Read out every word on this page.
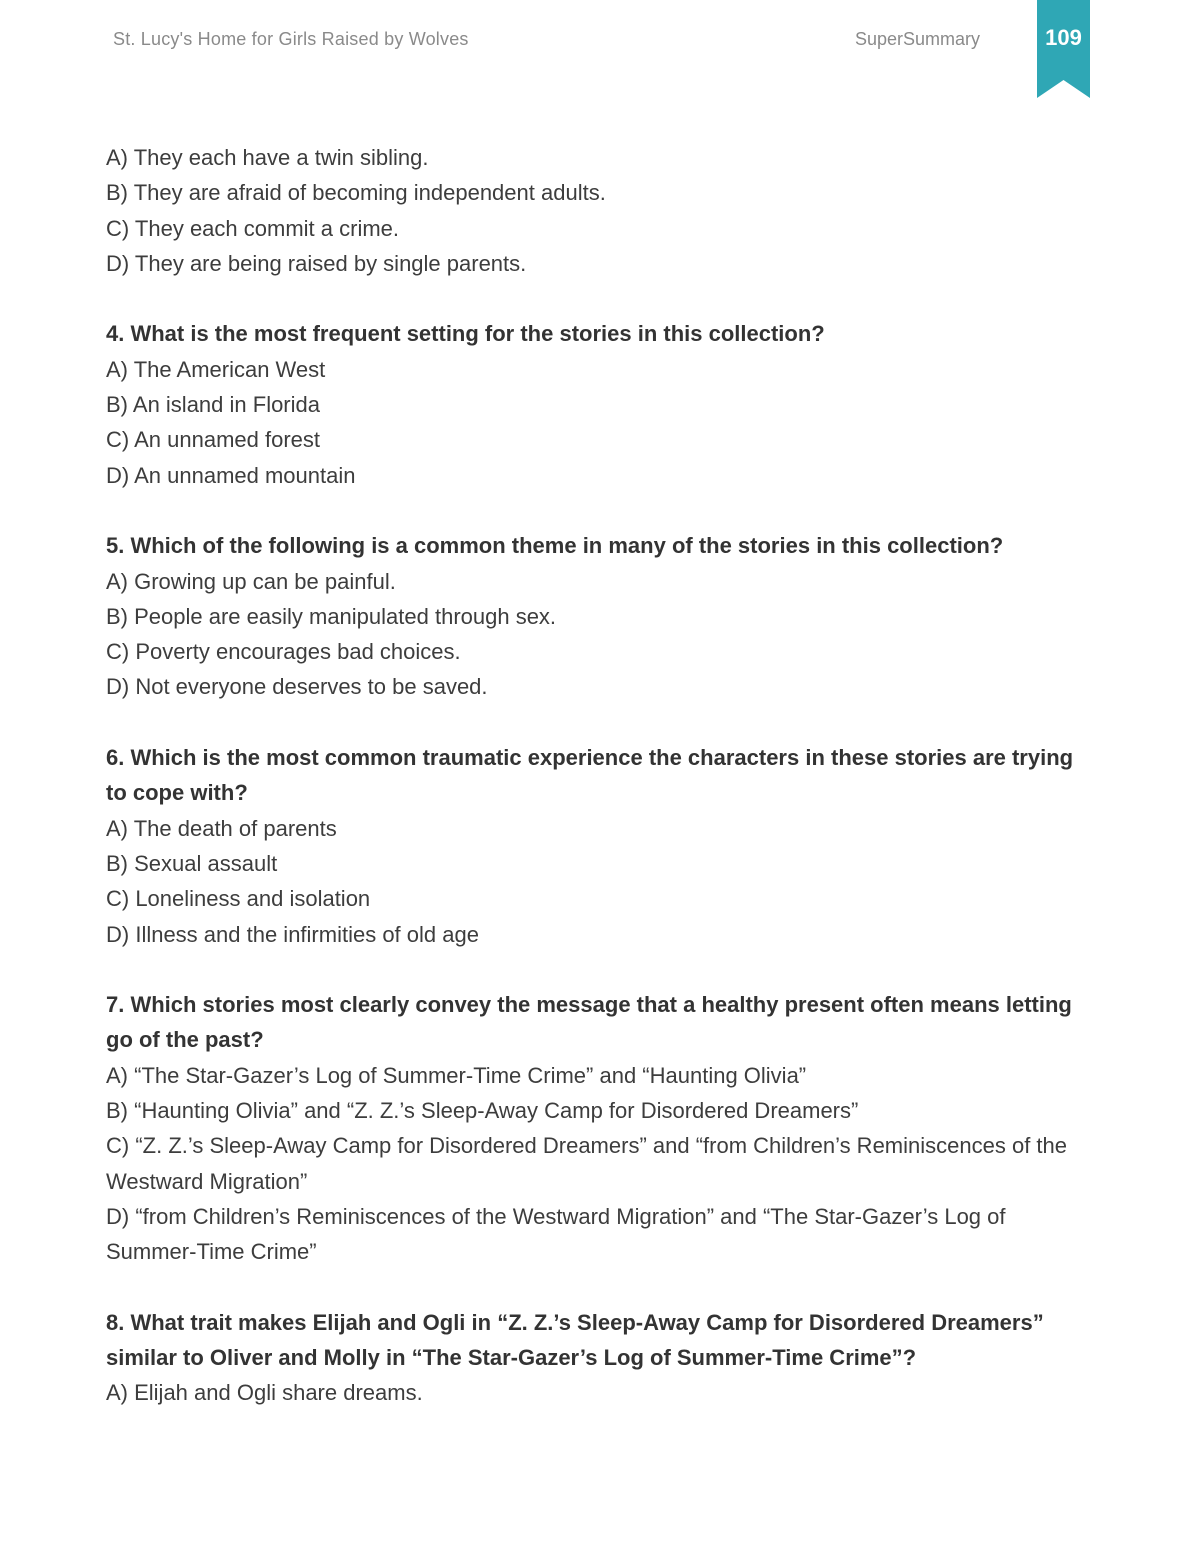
St. Lucy's Home for Girls Raised by Wolves	SuperSummary	109

A) They each have a twin sibling.

B) They are afraid of becoming independent adults.

C) They each commit a crime.

D) They are being raised by single parents.

4. What is the most frequent setting for the stories in this collection?

A) The American West

B) An island in Florida

C) An unnamed forest

D) An unnamed mountain

5. Which of the following is a common theme in many of the stories in this collection?

A) Growing up can be painful.

B) People are easily manipulated through sex.

C) Poverty encourages bad choices.

D) Not everyone deserves to be saved.

6. Which is the most common traumatic experience the characters in these stories are trying to cope with?

A) The death of parents

B) Sexual assault

C) Loneliness and isolation

D) Illness and the infirmities of old age

7. Which stories most clearly convey the message that a healthy present often means letting go of the past?

A) “The Star-Gazer’s Log of Summer-Time Crime” and “Haunting Olivia”

B) “Haunting Olivia” and “Z. Z.’s Sleep-Away Camp for Disordered Dreamers”

C) “Z. Z.’s Sleep-Away Camp for Disordered Dreamers” and “from Children’s Reminiscences of the Westward Migration”

D) “from Children’s Reminiscences of the Westward Migration” and “The Star-Gazer’s Log of Summer-Time Crime”

8. What trait makes Elijah and Ogli in “Z. Z.’s Sleep-Away Camp for Disordered Dreamers” similar to Oliver and Molly in “The Star-Gazer’s Log of Summer-Time Crime”?

A) Elijah and Ogli share dreams.
